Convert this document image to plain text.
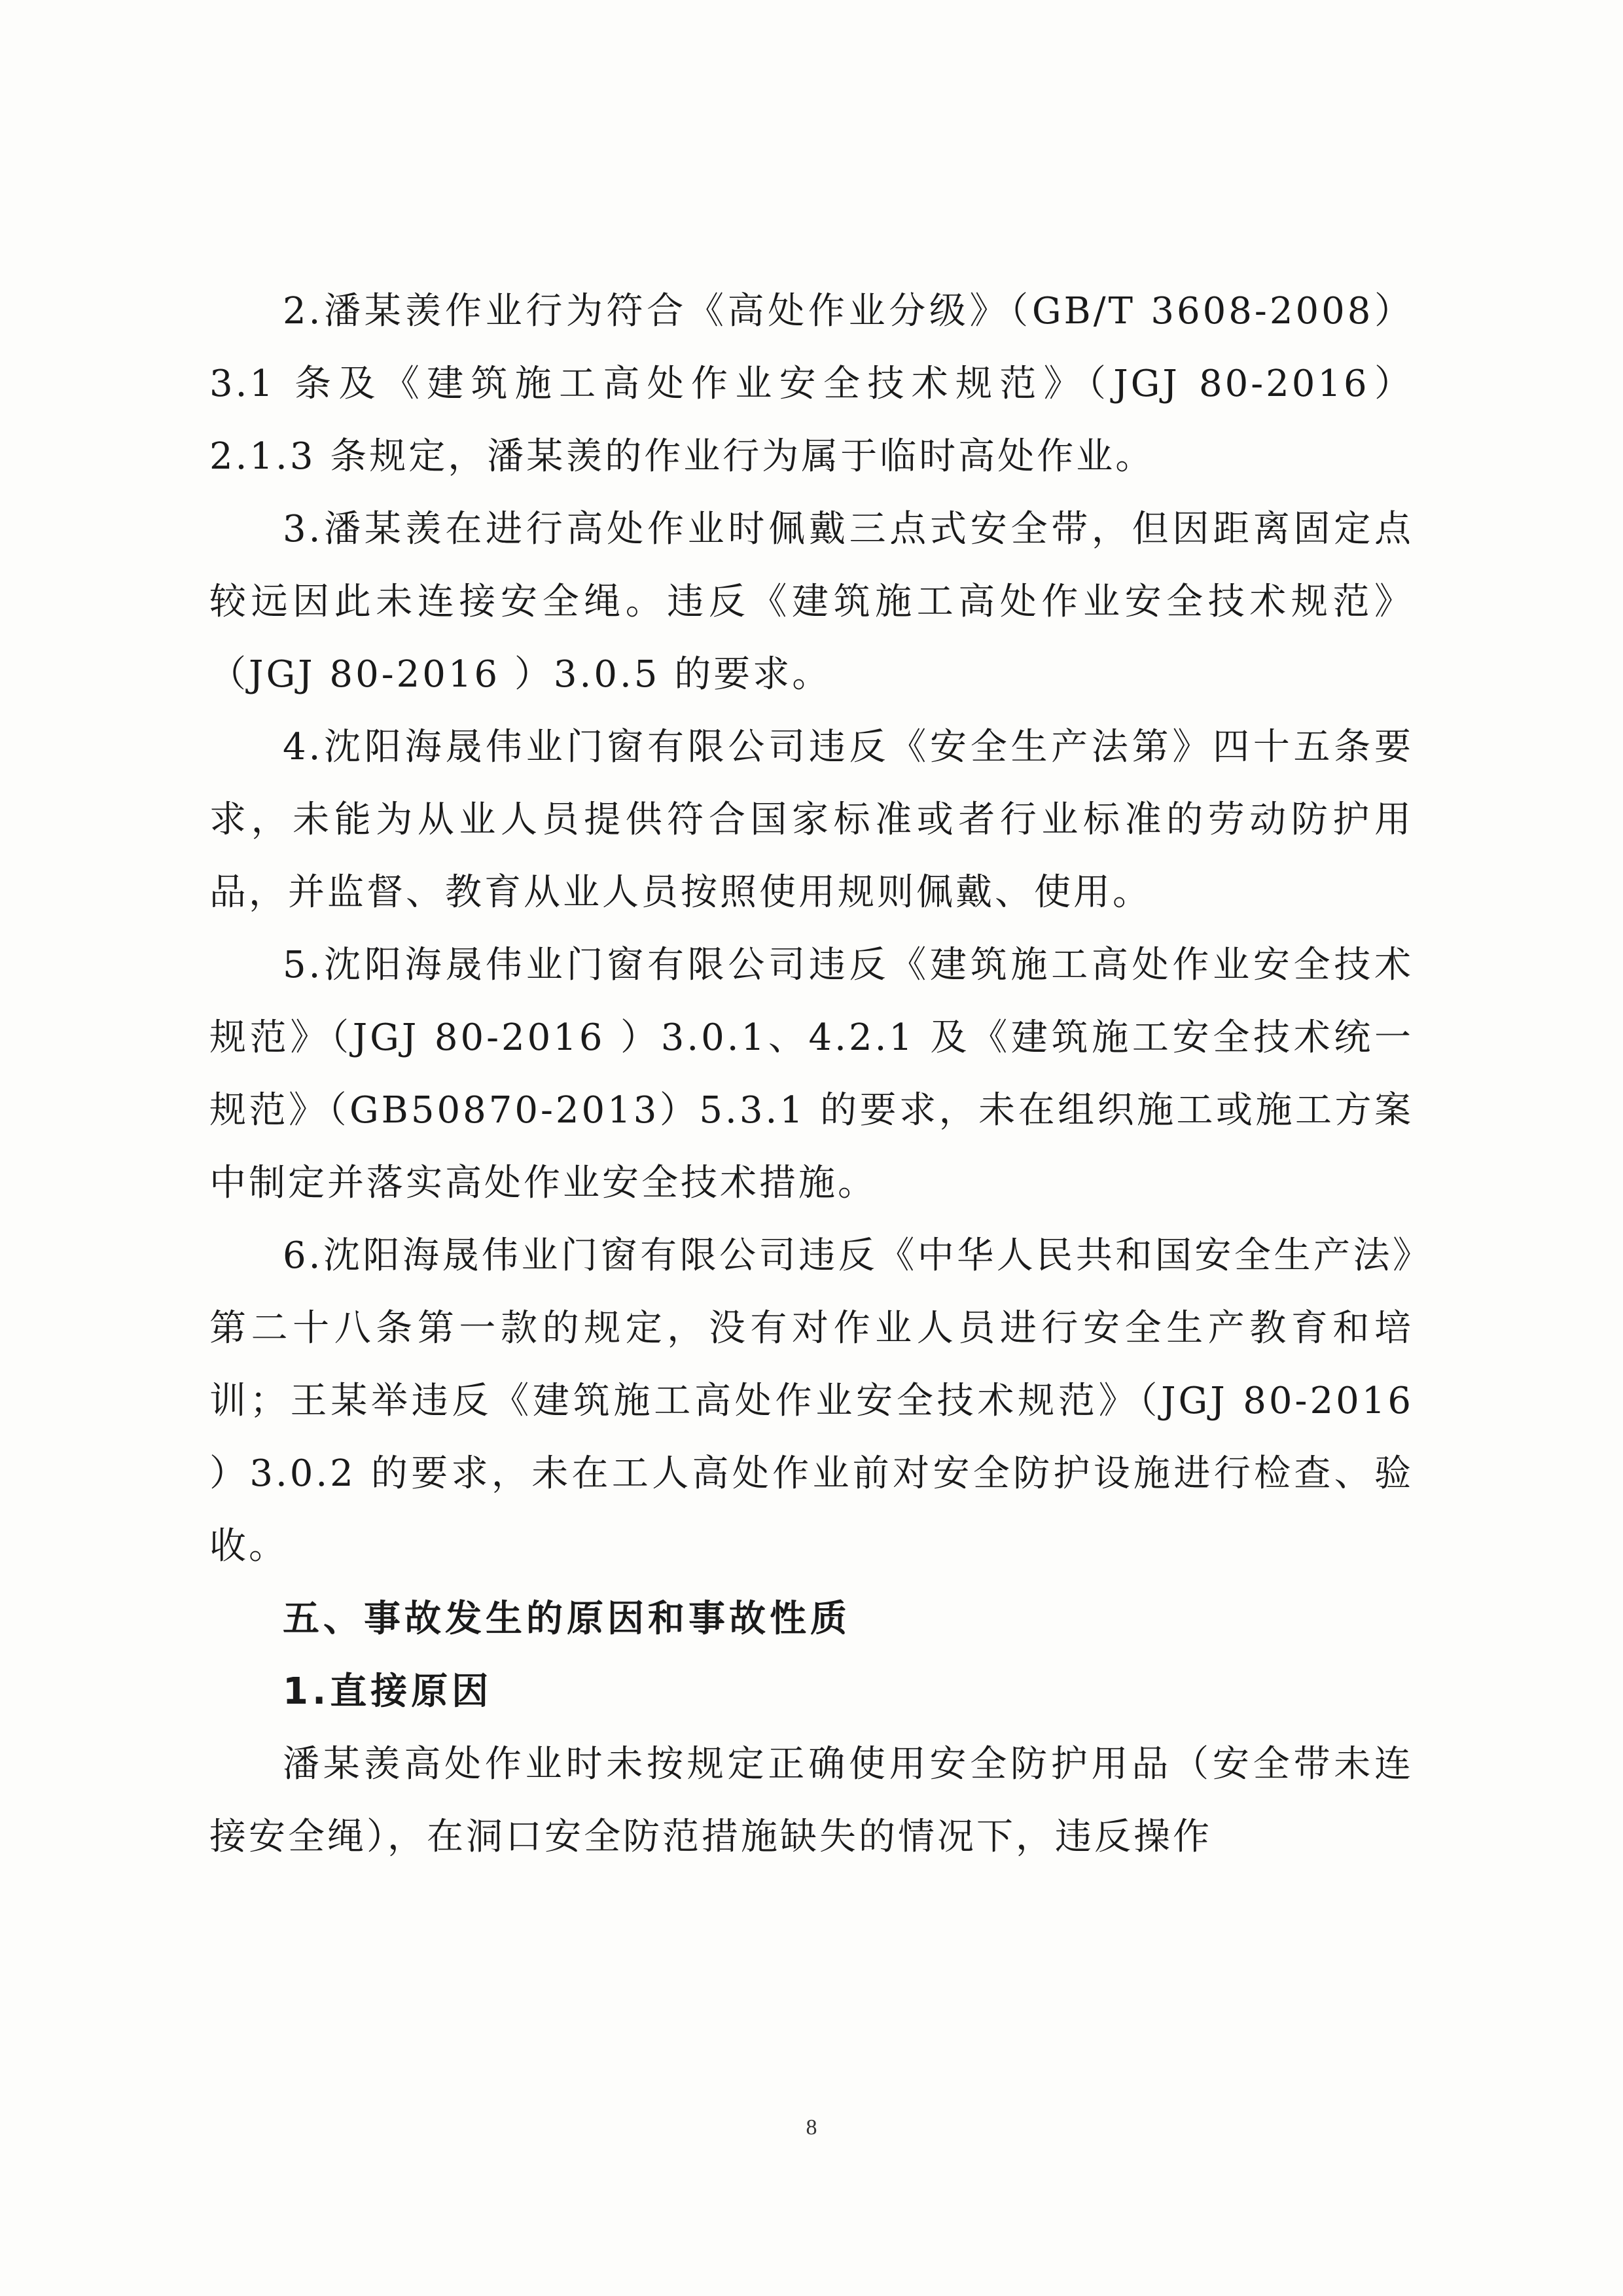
2.潘某羡作业行为符合《高处作业分级》（GB/T 3608-2008）3.1 条及《建筑施工高处作业安全技术规范》（JGJ 80-2016）2.1.3 条规定，潘某羡的作业行为属于临时高处作业。

3.潘某羡在进行高处作业时佩戴三点式安全带，但因距离固定点较远因此未连接安全绳。违反《建筑施工高处作业安全技术规范》（JGJ 80-2016 ）3.0.5 的要求。

4.沈阳海晟伟业门窗有限公司违反《安全生产法第》四十五条要求，未能为从业人员提供符合国家标准或者行业标准的劳动防护用品，并监督、教育从业人员按照使用规则佩戴、使用。

5.沈阳海晟伟业门窗有限公司违反《建筑施工高处作业安全技术规范》（JGJ 80-2016 ）3.0.1、4.2.1 及《建筑施工安全技术统一规范》（GB50870-2013）5.3.1 的要求，未在组织施工或施工方案中制定并落实高处作业安全技术措施。

6.沈阳海晟伟业门窗有限公司违反《中华人民共和国安全生产法》第二十八条第一款的规定，没有对作业人员进行安全生产教育和培训；王某举违反《建筑施工高处作业安全技术规范》（JGJ 80-2016 ）3.0.2 的要求，未在工人高处作业前对安全防护设施进行检查、验收。

五、事故发生的原因和事故性质

1.直接原因

潘某羡高处作业时未按规定正确使用安全防护用品（安全带未连接安全绳），在洞口安全防范措施缺失的情况下，违反操作

8
